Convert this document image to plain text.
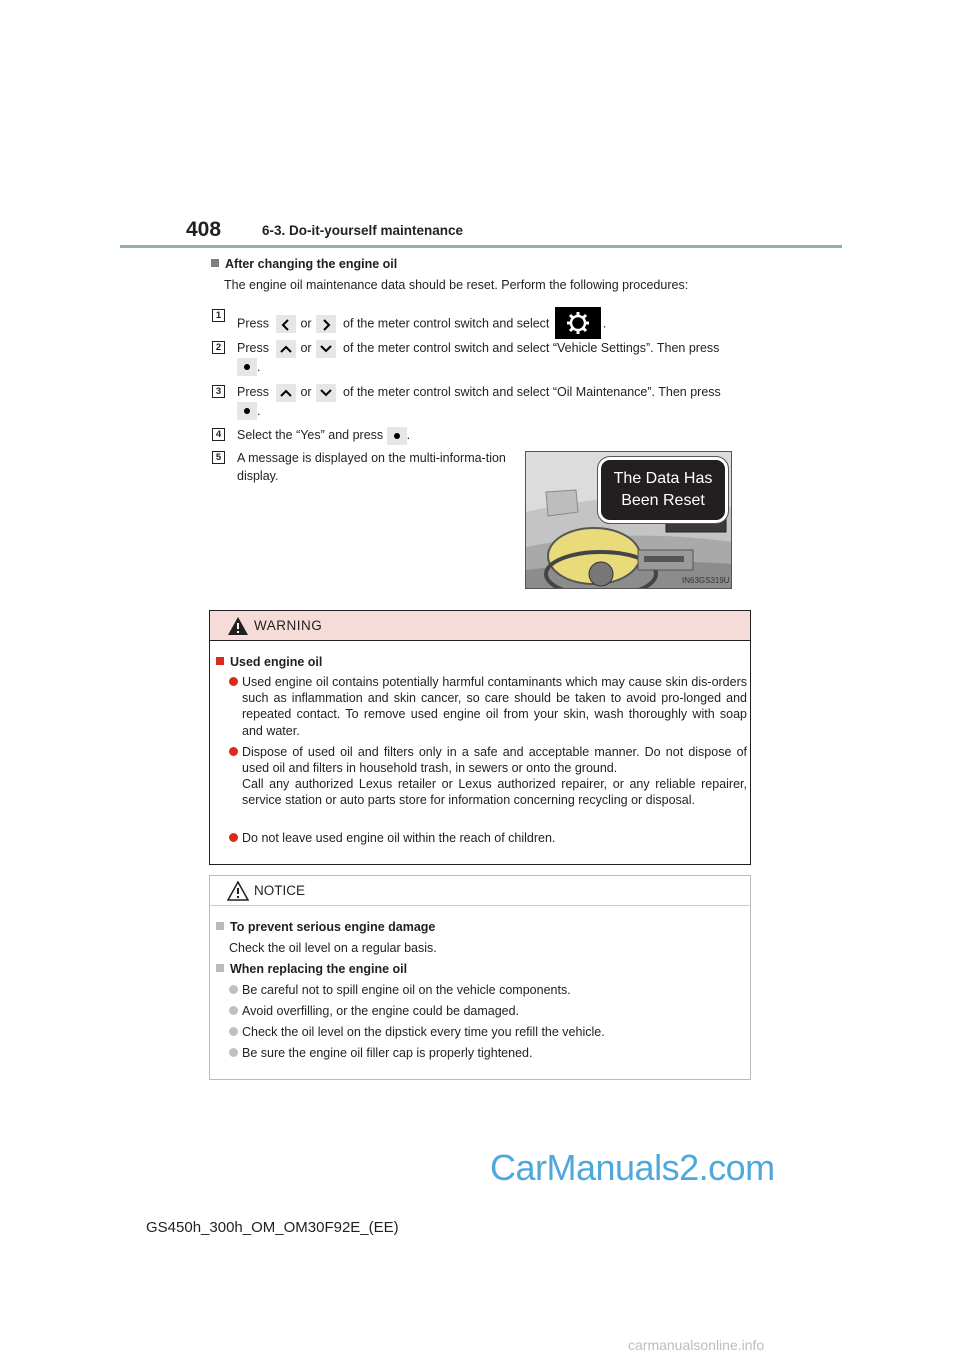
408	6-3. Do-it-yourself maintenance
After changing the engine oil
The engine oil maintenance data should be reset. Perform the following procedures:
1
Press	or	of the meter control switch and select	.
2	Press	or	of the meter control switch and select “Vehicle Settings”. Then press
.
3	Press	or	of the meter control switch and select “Oil Maintenance”. Then press
.
4	Select the “Yes” and press .
5	A message is displayed on the multi-informa-tion display.	The Data Has
Been Reset
IN63GS319U
WARNING
Used engine oil
Used engine oil contains potentially harmful contaminants which may cause skin dis-orders such as inflammation and skin cancer, so care should be taken to avoid pro-longed and repeated contact. To remove used engine oil from your skin, wash thoroughly with soap and water.
Dispose of used oil and filters only in a safe and acceptable manner. Do not dispose of used oil and filters in household trash, in sewers or onto the ground.
Call any authorized Lexus retailer or Lexus authorized repairer, or any reliable repairer, service station or auto parts store for information concerning recycling or disposal.
Do not leave used engine oil within the reach of children.
NOTICE
To prevent serious engine damage
Check the oil level on a regular basis.
When replacing the engine oil
Be careful not to spill engine oil on the vehicle components.
Avoid overfilling, or the engine could be damaged.
Check the oil level on the dipstick every time you refill the vehicle.
Be sure the engine oil filler cap is properly tightened.
GS450h_300h_OM_OM30F92E_(EE)
CarManuals2.com
carmanualsonline.info
